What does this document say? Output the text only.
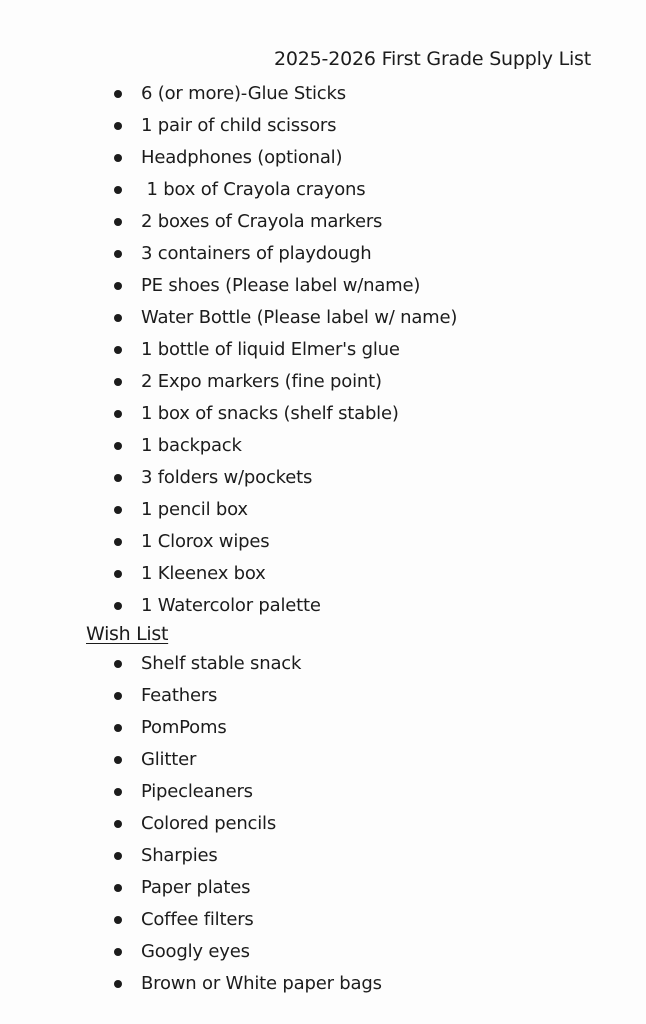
2025-2026 First Grade Supply List
6 (or more)-Glue Sticks
1 pair of child scissors
Headphones (optional)
1 box of Crayola crayons
2 boxes of Crayola markers
3 containers of playdough
PE shoes (Please label w/name)
Water Bottle (Please label w/ name)
1 bottle of liquid Elmer's glue
2 Expo markers (fine point)
1 box of snacks (shelf stable)
1 backpack
3 folders w/pockets
1 pencil box
1 Clorox wipes
1 Kleenex box
1 Watercolor palette
Wish List
Shelf stable snack
Feathers
PomPoms
Glitter
Pipecleaners
Colored pencils
Sharpies
Paper plates
Coffee filters
Googly eyes
Brown or White paper bags
